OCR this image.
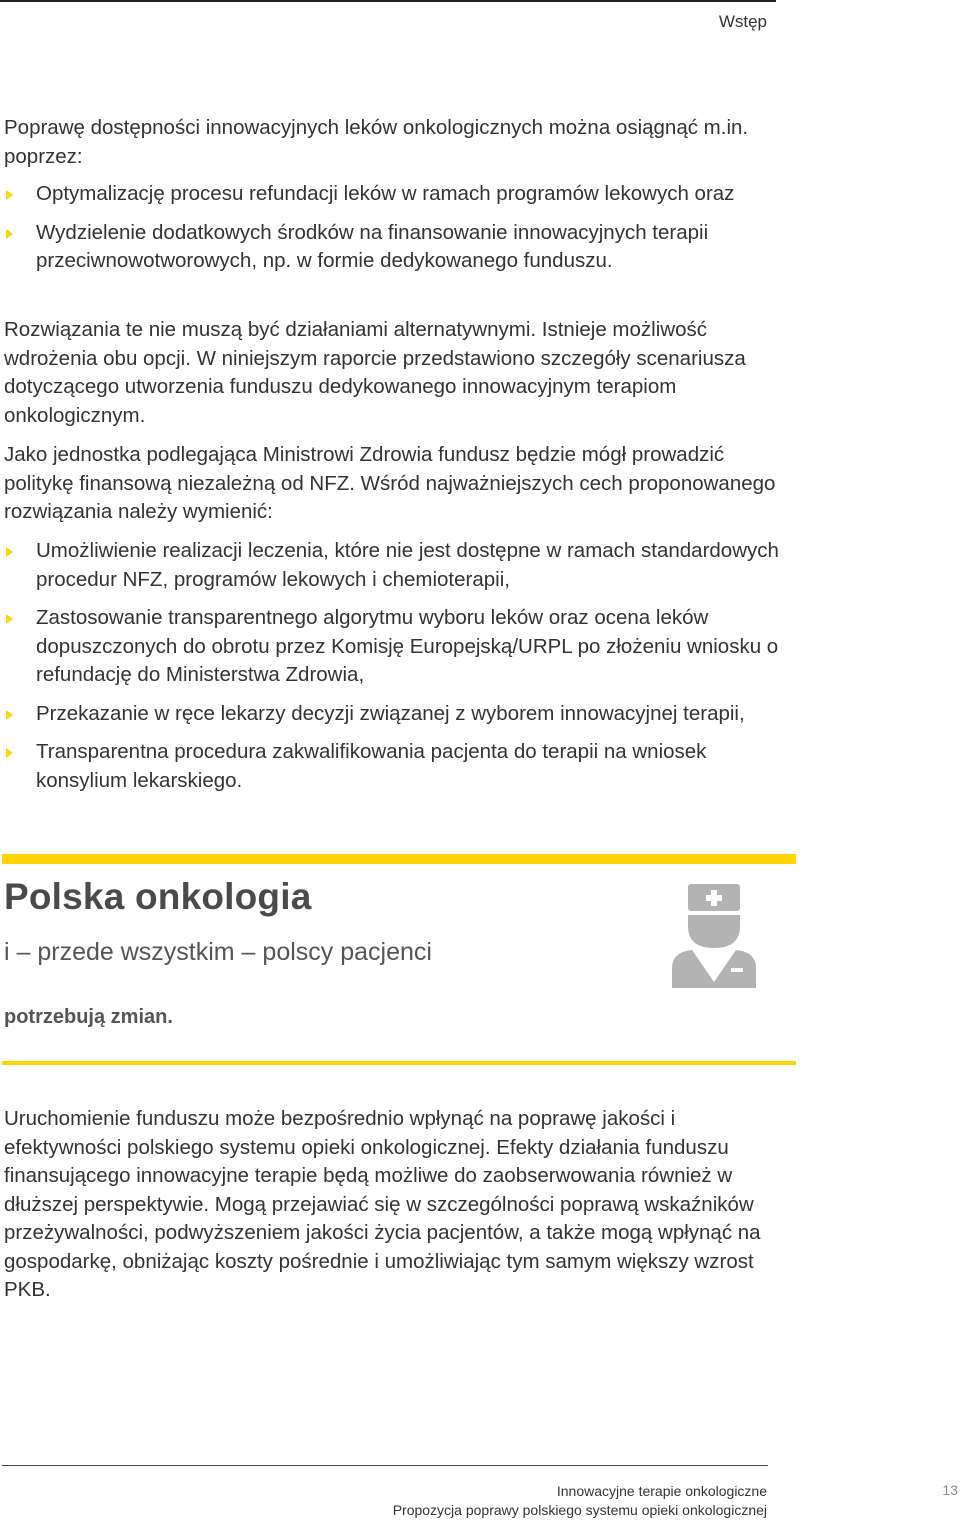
Wstęp

Poprawę dostępności innowacyjnych leków onkologicznych można osiągnąć m.in. poprzez:

Optymalizację procesu refundacji leków w ramach programów lekowych oraz
Wydzielenie dodatkowych środków na finansowanie innowacyjnych terapii przeciwnowotworowych, np. w formie dedykowanego funduszu.

Rozwiązania te nie muszą być działaniami alternatywnymi. Istnieje możliwość wdrożenia obu opcji. W niniejszym raporcie przedstawiono szczegóły scenariusza dotyczącego utworzenia funduszu dedykowanego innowacyjnym terapiom onkologicznym.

Jako jednostka podlegająca Ministrowi Zdrowia fundusz będzie mógł prowadzić politykę finansową niezależną od NFZ. Wśród najważniejszych cech proponowanego rozwiązania należy wymienić:

Umożliwienie realizacji leczenia, które nie jest dostępne w ramach standardowych procedur NFZ, programów lekowych i chemioterapii,
Zastosowanie transparentnego algorytmu wyboru leków oraz ocena leków dopuszczonych do obrotu przez Komisję Europejską/URPL po złożeniu wniosku o refundację do Ministerstwa Zdrowia,
Przekazanie w ręce lekarzy decyzji związanej z wyborem innowacyjnej terapii,
Transparentna procedura zakwalifikowania pacjenta do terapii na wniosek konsylium lekarskiego.
Polska onkologia
i – przede wszystkim – polscy pacjenci
potrzebują zmian.

Uruchomienie funduszu może bezpośrednio wpłynąć na poprawę jakości i efektywności polskiego systemu opieki onkologicznej. Efekty działania funduszu finansującego innowacyjne terapie będą możliwe do zaobserwowania również w dłuższej perspektywie. Mogą przejawiać się w szczególności poprawą wskaźników przeżywalności, podwyższeniem jakości życia pacjentów, a także mogą wpłynąć na gospodarkę, obniżając koszty pośrednie i umożliwiając tym samym większy wzrost PKB.

Innowacyjne terapie onkologiczne
Propozycja poprawy polskiego systemu opieki onkologicznej
13
